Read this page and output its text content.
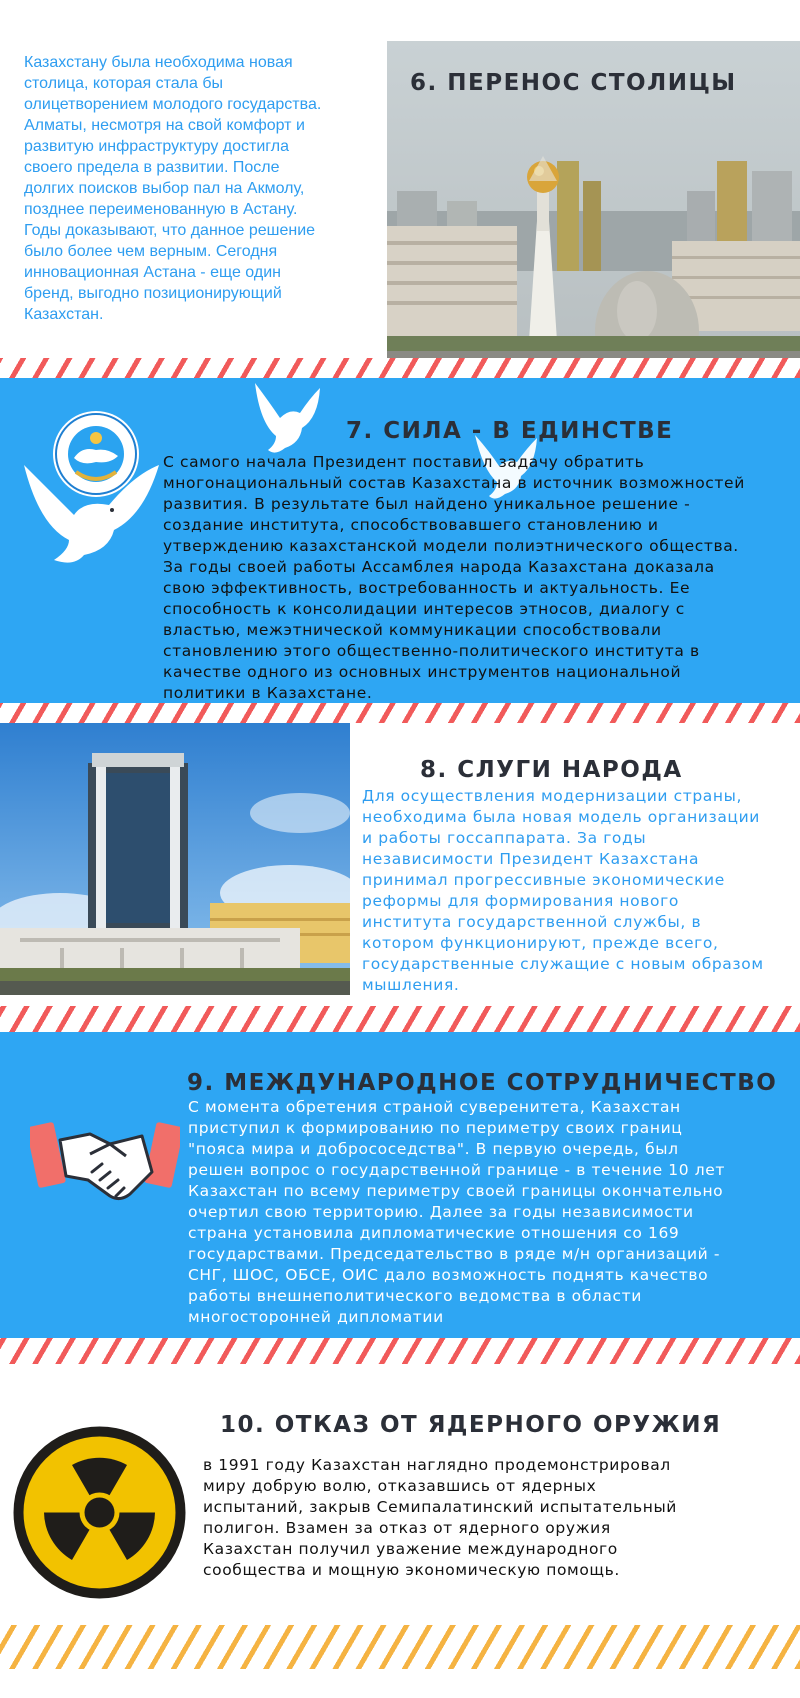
Казахстану была необходима новая
столица, которая стала бы
олицетворением молодого государства.
Алматы, несмотря на свой комфорт и
развитую инфраструктуру достигла
своего предела в развитии. После
долгих поисков выбор пал на Акмолу,
позднее переименованную в Астану.
Годы доказывают, что данное решение
было более чем верным. Сегодня
инновационная Астана - еще один
бренд, выгодно позиционирующий
Казахстан.
6. ПЕРЕНОС СТОЛИЦЫ
7. СИЛА - В ЕДИНСТВЕ
С самого начала Президент поставил задачу обратить
многонациональный состав Казахстана в источник возможностей
развития. В результате был найдено уникальное решение -
создание института, способствовавшего становлению и
утверждению казахстанской модели полиэтнического общества.
За годы своей работы Ассамблея народа Казахстана доказала
свою эффективность, востребованность и актуальность. Ее
способность к консолидации интересов этносов, диалогу с
властью, межэтнической коммуникации способствовали
становлению этого общественно-политического института в
качестве одного из основных инструментов национальной
политики в Казахстане.
8. СЛУГИ НАРОДА
Для осуществления модернизации страны,
необходима была новая модель организации
и работы госсаппарата. За годы
независимости Президент Казахстана
принимал прогрессивные экономические
реформы для формирования нового
института государственной службы, в
котором функционируют, прежде всего,
государственные служащие с новым образом
мышления.
9. МЕЖДУНАРОДНОЕ СОТРУДНИЧЕСТВО
С момента обретения страной суверенитета, Казахстан
приступил к формированию по периметру своих границ
"пояса мира и добрососедства". В первую очередь, был
решен вопрос о государственной границе - в течение 10 лет
Казахстан по всему периметру своей границы окончательно
очертил свою территорию. Далее за годы независимости
страна установила дипломатические отношения со 169
государствами. Председательство в ряде м/н организаций -
СНГ, ШОС, ОБСЕ, ОИС дало возможность поднять качество
работы внешнеполитического ведомства в области
многосторонней дипломатии
10. ОТКАЗ ОТ ЯДЕРНОГО ОРУЖИЯ
в 1991 году Казахстан наглядно продемонстрировал
миру добрую волю, отказавшись от ядерных
испытаний, закрыв Семипалатинский испытательный
полигон. Взамен за отказ от ядерного оружия
Казахстан получил уважение международного
сообщества и мощную экономическую помощь.
